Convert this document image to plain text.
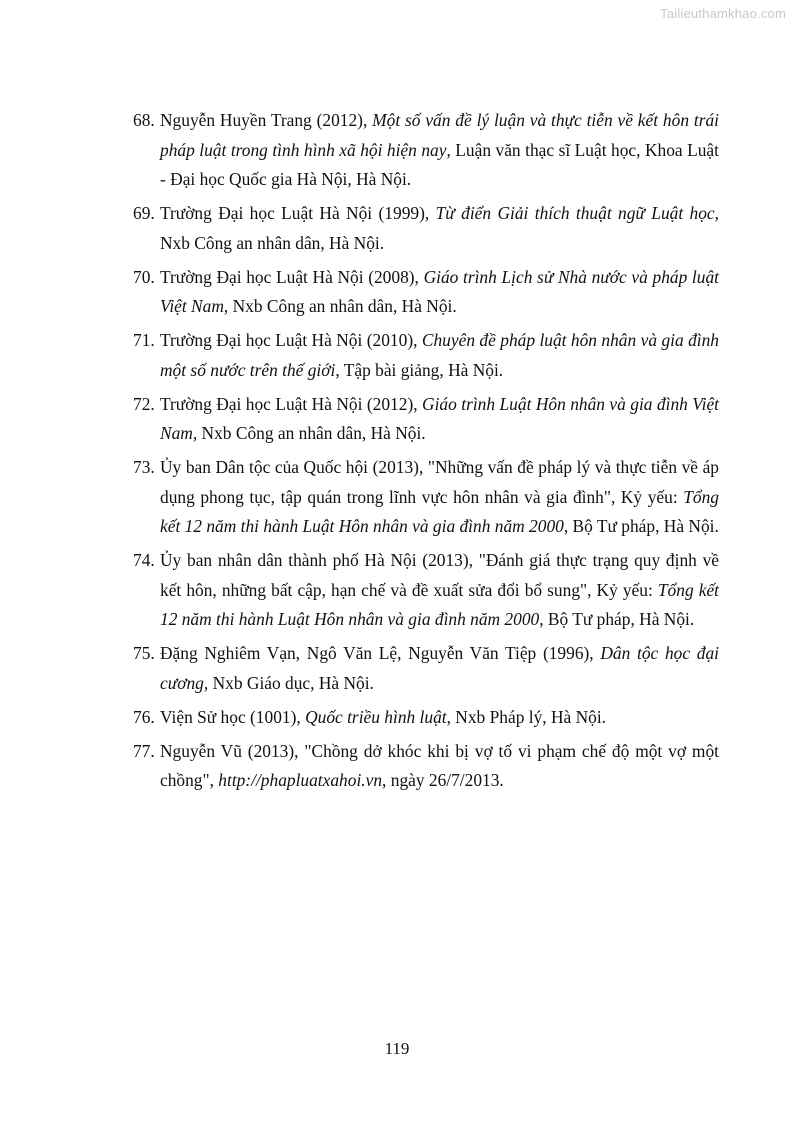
Tailieuthamkhao.com
68. Nguyễn Huyền Trang (2012), Một số vấn đề lý luận và thực tiễn về kết hôn trái pháp luật trong tình hình xã hội hiện nay, Luận văn thạc sĩ Luật học, Khoa Luật - Đại học Quốc gia Hà Nội, Hà Nội.
69. Trường Đại học Luật Hà Nội (1999), Từ điển Giải thích thuật ngữ Luật học, Nxb Công an nhân dân, Hà Nội.
70. Trường Đại học Luật Hà Nội (2008), Giáo trình Lịch sử Nhà nước và pháp luật Việt Nam, Nxb Công an nhân dân, Hà Nội.
71. Trường Đại học Luật Hà Nội (2010), Chuyên đề pháp luật hôn nhân và gia đình một số nước trên thế giới, Tập bài giảng, Hà Nội.
72. Trường Đại học Luật Hà Nội (2012), Giáo trình Luật Hôn nhân và gia đình Việt Nam, Nxb Công an nhân dân, Hà Nội.
73. Ủy ban Dân tộc của Quốc hội (2013), "Những vấn đề pháp lý và thực tiễn về áp dụng phong tục, tập quán trong lĩnh vực hôn nhân và gia đình", Kỷ yếu: Tổng kết 12 năm thi hành Luật Hôn nhân và gia đình năm 2000, Bộ Tư pháp, Hà Nội.
74. Ủy ban nhân dân thành phố Hà Nội (2013), "Đánh giá thực trạng quy định về kết hôn, những bất cập, hạn chế và đề xuất sửa đổi bổ sung", Kỷ yếu: Tổng kết 12 năm thi hành Luật Hôn nhân và gia đình năm 2000, Bộ Tư pháp, Hà Nội.
75. Đặng Nghiêm Vạn, Ngô Văn Lệ, Nguyễn Văn Tiệp (1996), Dân tộc học đại cương, Nxb Giáo dục, Hà Nội.
76. Viện Sử học (1001), Quốc triều hình luật, Nxb Pháp lý, Hà Nội.
77. Nguyễn Vũ (2013), "Chồng dở khóc khi bị vợ tố vi phạm chế độ một vợ một chồng", http://phapluatxahoi.vn, ngày 26/7/2013.
119
